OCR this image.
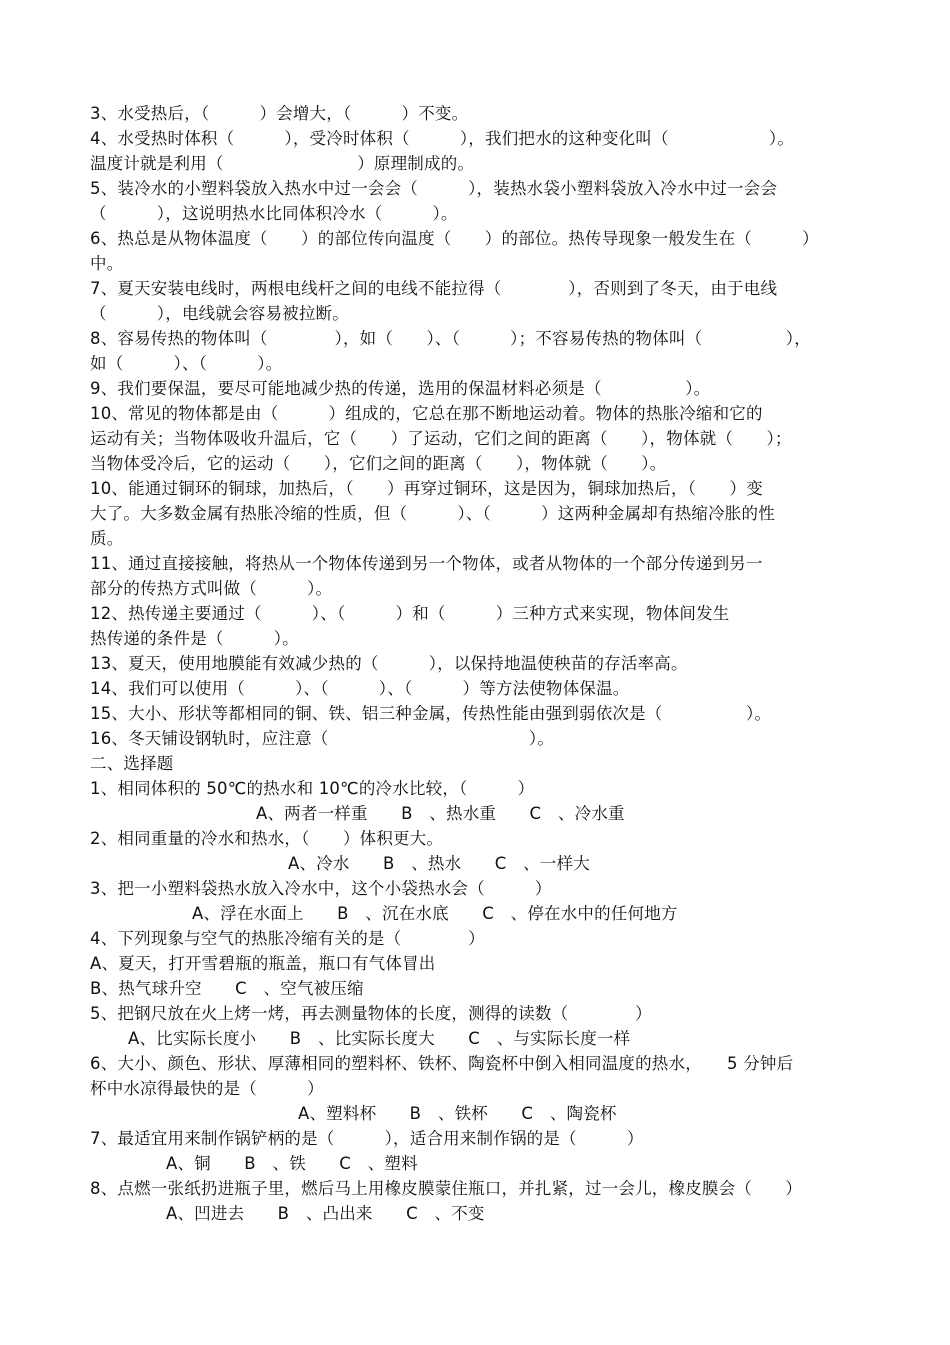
3、水受热后，（　　　）会增大，（　　　）不变。

4、水受热时体积（　　　），受冷时体积（　　　），我们把水的这种变化叫（　　　　　　）。

温度计就是利用（　　　　　　　　）原理制成的。

5、装冷水的小塑料袋放入热水中过一会会（　　　），装热水袋小塑料袋放入冷水中过一会会

（　　　），这说明热水比同体积冷水（　　　）。

6、热总是从物体温度（　　）的部位传向温度（　　）的部位。热传导现象一般发生在（　　　）

中。

7、夏天安装电线时，两根电线杆之间的电线不能拉得（　　　　），否则到了冬天，由于电线

（　　　），电线就会容易被拉断。

8、容易传热的物体叫（　　　　），如（　　）、（　　　）；不容易传热的物体叫（　　　　　），

如（　　　）、（　　　）。

9、我们要保温，要尽可能地减少热的传递，选用的保温材料必须是（　　　　　）。

10、常见的物体都是由（　　　）组成的，它总在那不断地运动着。物体的热胀冷缩和它的

运动有关；当物体吸收升温后，它（　　）了运动，它们之间的距离（　　），物体就（　　）；

当物体受冷后，它的运动（　　），它们之间的距离（　　），物体就（　　）。

10、能通过铜环的铜球，加热后，（　　）再穿过铜环，这是因为，铜球加热后，（　　）变

大了。大多数金属有热胀冷缩的性质，但（　　　）、（　　　）这两种金属却有热缩冷胀的性

质。

11、通过直接接触，将热从一个物体传递到另一个物体，或者从物体的一个部分传递到另一

部分的传热方式叫做（　　　）。

12、热传递主要通过（　　　）、（　　　）和（　　　）三种方式来实现，物体间发生

热传递的条件是（　　　）。

13、夏天，使用地膜能有效减少热的（　　　），以保持地温使秧苗的存活率高。

14、我们可以使用（　　　）、（　　　）、（　　　）等方法使物体保温。

15、大小、形状等都相同的铜、铁、铝三种金属，传热性能由强到弱依次是（　　　　　）。

16、冬天铺设钢轨时，应注意（　　　　　　　　　　　　）。

二、选择题

1、相同体积的 50℃的热水和 10℃的冷水比较，（　　　）

A、两者一样重　　B　、热水重　　C　、冷水重

2、相同重量的冷水和热水，（　　）体积更大。

A、冷水　　B　、热水　　C　、一样大

3、把一小塑料袋热水放入冷水中，这个小袋热水会（　　　）

A、浮在水面上　　B　、沉在水底　　C　、停在水中的任何地方

4、下列现象与空气的热胀冷缩有关的是（　　　　）

A、夏天，打开雪碧瓶的瓶盖，瓶口有气体冒出

B、热气球升空　　C　、空气被压缩

5、把钢尺放在火上烤一烤，再去测量物体的长度，测得的读数（　　　　）

A、比实际长度小　　B　、比实际长度大　　C　、与实际长度一样

6、大小、颜色、形状、厚薄相同的塑料杯、铁杯、陶瓷杯中倒入相同温度的热水，　　5 分钟后

杯中水凉得最快的是（　　　）

A、塑料杯　　B　、铁杯　　C　、陶瓷杯

7、最适宜用来制作锅铲柄的是（　　　），适合用来制作锅的是（　　　）

A、铜　　B　、铁　　C　、塑料

8、点燃一张纸扔进瓶子里，燃后马上用橡皮膜蒙住瓶口，并扎紧，过一会儿，橡皮膜会（　　）

A、凹进去　　B　、凸出来　　C　、不变
